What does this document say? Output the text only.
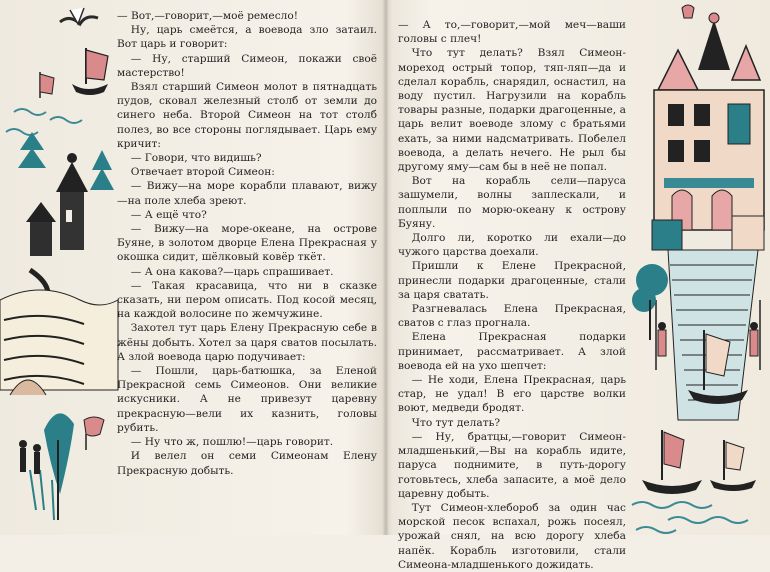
— Вот,—говорит,—моё ремесло!

Ну, царь смеётся, а воевода зло затаил. Вот царь и говорит:

— Ну, старший Симеон, покажи своё мастерство!

Взял старший Симеон молот в пятнадцать пудов, сковал железный столб от земли до синего неба. Второй Симеон на тот столб полез, во все стороны поглядывает. Царь ему кричит:

— Говори, что видишь?

Отвечает второй Симеон:

— Вижу—на море корабли плавают, вижу—на поле хлеба зреют.

— А ещё что?

— Вижу—на море-океане, на острове Буяне, в золотом дворце Елена Прекрасная у окошка сидит, шёлковый ковёр ткёт.

— А она какова?—царь спрашивает.

— Такая красавица, что ни в сказке сказать, ни пером описать. Под косой месяц, на каждой волосине по жемчужине.

Захотел тут царь Елену Прекрасную себе в жёны добыть. Хотел за царя сватов посылать. А злой воевода царю подучивает:

— Пошли, царь-батюшка, за Еленой Прекрасной семь Симеонов. Они великие искусники. А не привезут царевну прекрасную—вели их казнить, головы рубить.

— Ну что ж, пошлю!—царь говорит.

И велел он семи Симеонам Елену Прекрасную добыть.

— А то,—говорит,—мой меч—ваши головы с плеч!

Что тут делать? Взял Симеон-мореход острый топор, тяп-ляп—да и сделал корабль, снарядил, оснастил, на воду пустил. Нагрузили на корабль товары разные, подарки драгоценные, а царь велит воеводе злому с братьями ехать, за ними надсматривать. Побелел воевода, а делать нечего. Не рыл бы другому яму—сам бы в неё не попал.

Вот на корабль сели—паруса зашумели, волны заплескали, и поплыли по морю-океану к острову Буяну.

Долго ли, коротко ли ехали—до чужого царства доехали.

Пришли к Елене Прекрасной, принесли подарки драгоценные, стали за царя сватать.

Разгневалась Елена Прекрасная, сватов с глаз прогнала.

Елена Прекрасная подарки принимает, рассматривает. А злой воевода ей на ухо шепчет:

— Не ходи, Елена Прекрасная, царь стар, не удал! В его царстве волки воют, медведи бродят.

Что тут делать?

— Ну, братцы,—говорит Симеон-младшенький,—Вы на корабль идите, паруса поднимите, в путь-дорогу готовьтесь, хлеба запасите, а моё дело царевну добыть.

Тут Симеон-хлебороб за один час морской песок вспахал, рожь посеял, урожай снял, на всю дорогу хлеба напёк. Корабль изготовили, стали Симеона-младшенького дожидать.
